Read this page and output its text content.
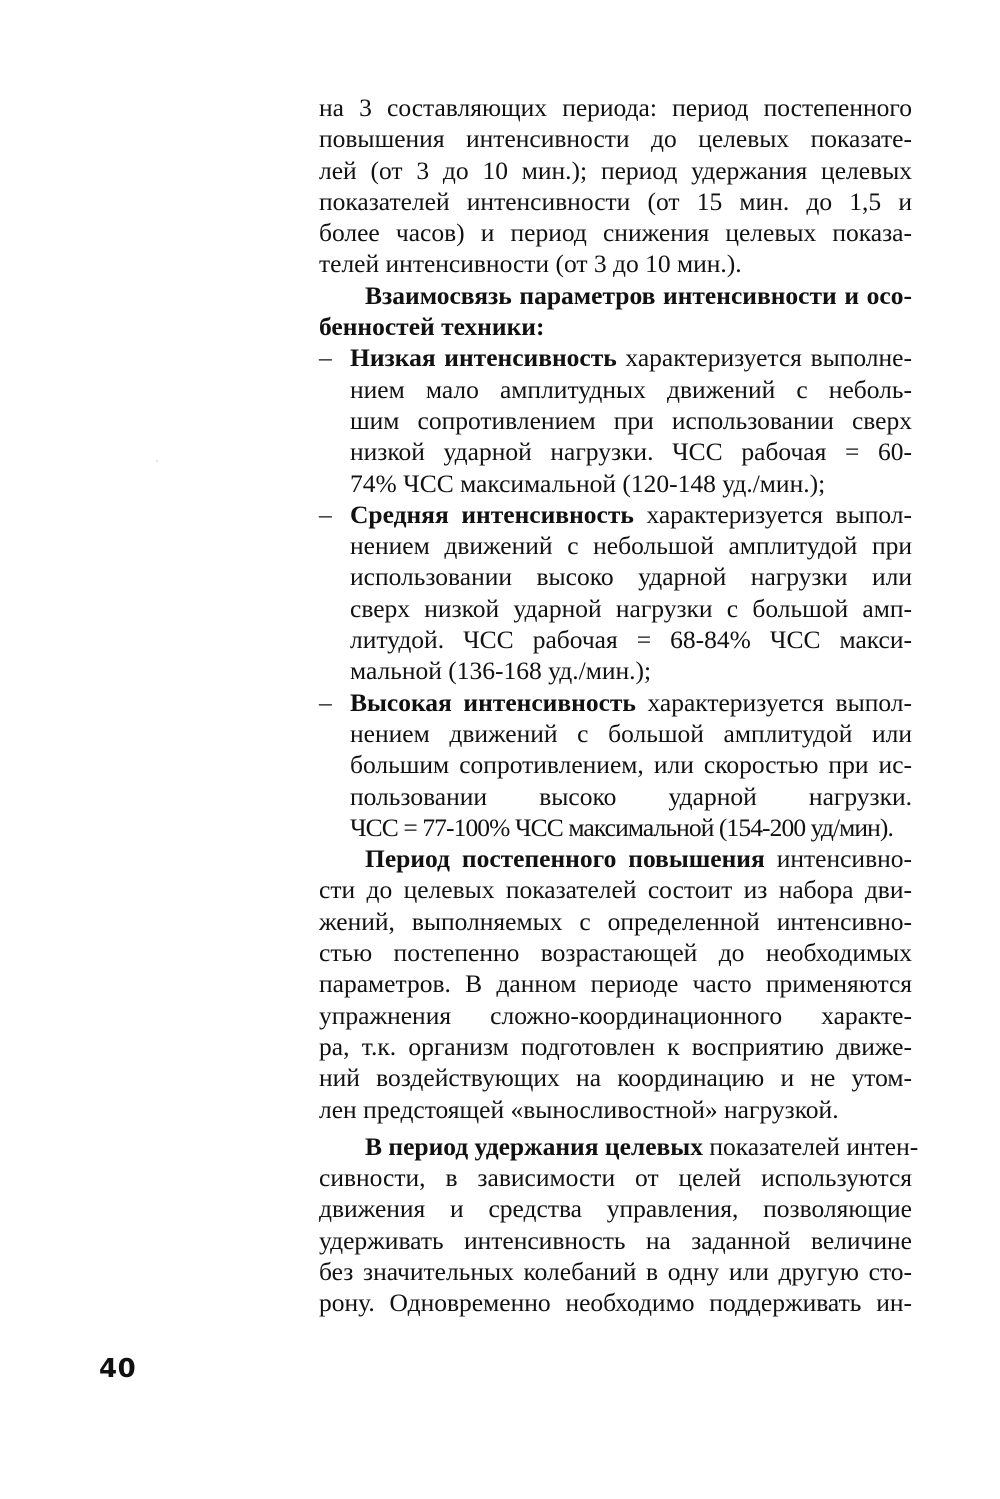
на 3 составляющих периода: период постепенного
повышения интенсивности до целевых показате-
лей (от 3 до 10 мин.); период удержания целевых
показателей интенсивности (от 15 мин. до 1,5 и
более часов) и период снижения целевых показа-
телей интенсивности (от 3 до 10 мин.).
Взаимосвязь параметров интенсивности и осо-
бенностей техники:
– Низкая интенсивность характеризуется выполне-
нием мало амплитудных движений с неболь-
шим сопротивлением при использовании сверх
низкой ударной нагрузки. ЧСС рабочая = 60-
74% ЧСС максимальной (120-148 уд./мин.);
– Средняя интенсивность характеризуется выпол-
нением движений с небольшой амплитудой при
использовании высоко ударной нагрузки или
сверх низкой ударной нагрузки с большой амп-
литудой. ЧСС рабочая = 68-84% ЧСС макси-
мальной (136-168 уд./мин.);
– Высокая интенсивность характеризуется выпол-
нением движений с большой амплитудой или
большим сопротивлением, или скоростью при ис-
пользовании высоко ударной нагрузки.
ЧСС = 77-100% ЧСС максимальной (154-200 уд/мин).
Период постепенного повышения интенсивно-
сти до целевых показателей состоит из набора дви-
жений, выполняемых с определенной интенсивно-
стью постепенно возрастающей до необходимых
параметров. В данном периоде часто применяются
упражнения сложно-координационного характе-
ра, т.к. организм подготовлен к восприятию движе-
ний воздействующих на координацию и не утом-
лен предстоящей «выносливостной» нагрузкой.
В период удержания целевых показателей интен-
сивности, в зависимости от целей используются
движения и средства управления, позволяющие
удерживать интенсивность на заданной величине
без значительных колебаний в одну или другую сто-
рону. Одновременно необходимо поддерживать ин-
40
